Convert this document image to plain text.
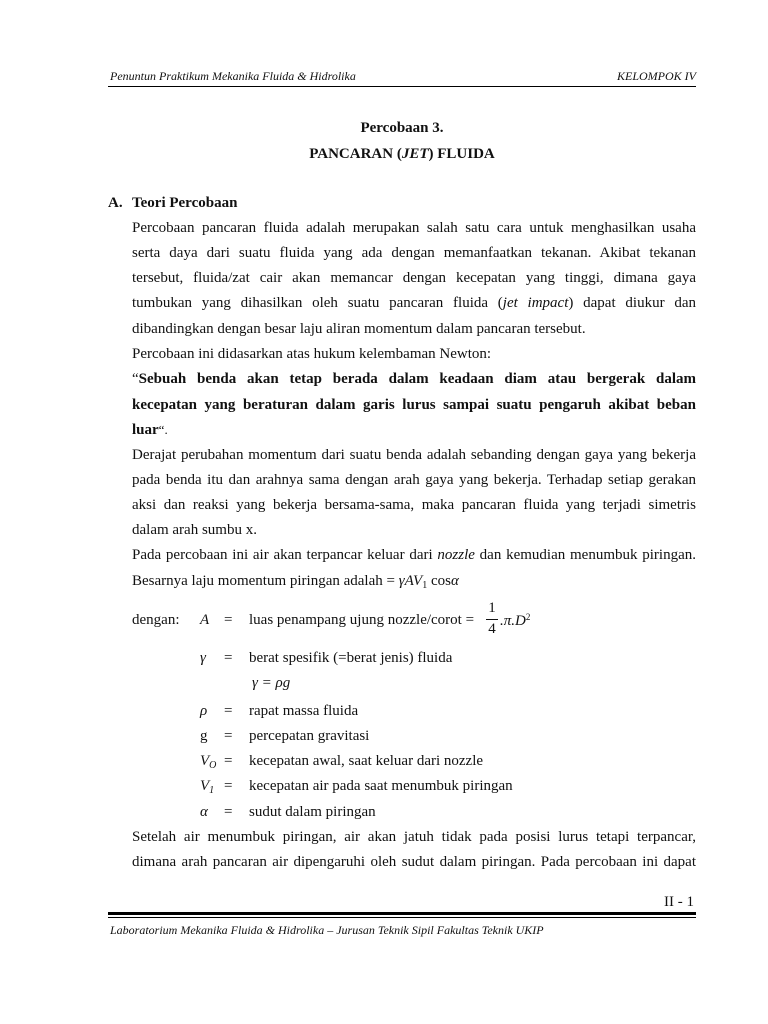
Penuntun Praktikum Mekanika Fluida & Hidrolika	KELOMPOK IV
Percobaan 3.
PANCARAN (JET) FLUIDA
A. Teori Percobaan
Percobaan pancaran fluida adalah merupakan salah satu cara untuk menghasilkan usaha
serta daya dari suatu fluida yang ada dengan memanfaatkan tekanan. Akibat tekanan
tersebut, fluida/zat cair akan memancar dengan kecepatan yang tinggi, dimana gaya
tumbukan yang dihasilkan oleh suatu pancaran fluida (jet impact) dapat diukur dan
dibandingkan dengan besar laju aliran momentum dalam pancaran tersebut.
Percobaan ini didasarkan atas hukum kelembaman Newton:
“Sebuah benda akan tetap berada dalam keadaan diam atau bergerak dalam
kecepatan yang beraturan dalam garis lurus sampai suatu pengaruh akibat beban
luar“.
Derajat perubahan momentum dari suatu benda adalah sebanding dengan gaya yang bekerja
pada benda itu dan arahnya sama dengan arah gaya yang bekerja. Terhadap setiap gerakan
aksi dan reaksi yang bekerja bersama-sama, maka pancaran fluida yang terjadi simetris
dalam arah sumbu x.
Pada percobaan ini air akan terpancar keluar dari nozzle dan kemudian menumbuk piringan.
Besarnya laju momentum piringan adalah = γAV$_1$ cosα
dengan: A = luas penampang ujung nozzle/corot =
1
4 $.\pi.D^2$
γ = berat spesifik (=berat jenis) fluida
γ = ρg
ρ = rapat massa fluida
g = percepatan gravitasi
$V_O$ = kecepatan awal, saat keluar dari nozzle
$V_1$ = kecepatan air pada saat menumbuk piringan
α = sudut dalam piringan
Setelah air menumbuk piringan, air akan jatuh tidak pada posisi lurus tetapi terpancar,
dimana arah pancaran air dipengaruhi oleh sudut dalam piringan. Pada percobaan ini dapat
II - 1
Laboratorium Mekanika Fluida & Hidrolika – Jurusan Teknik Sipil Fakultas Teknik UKIP
